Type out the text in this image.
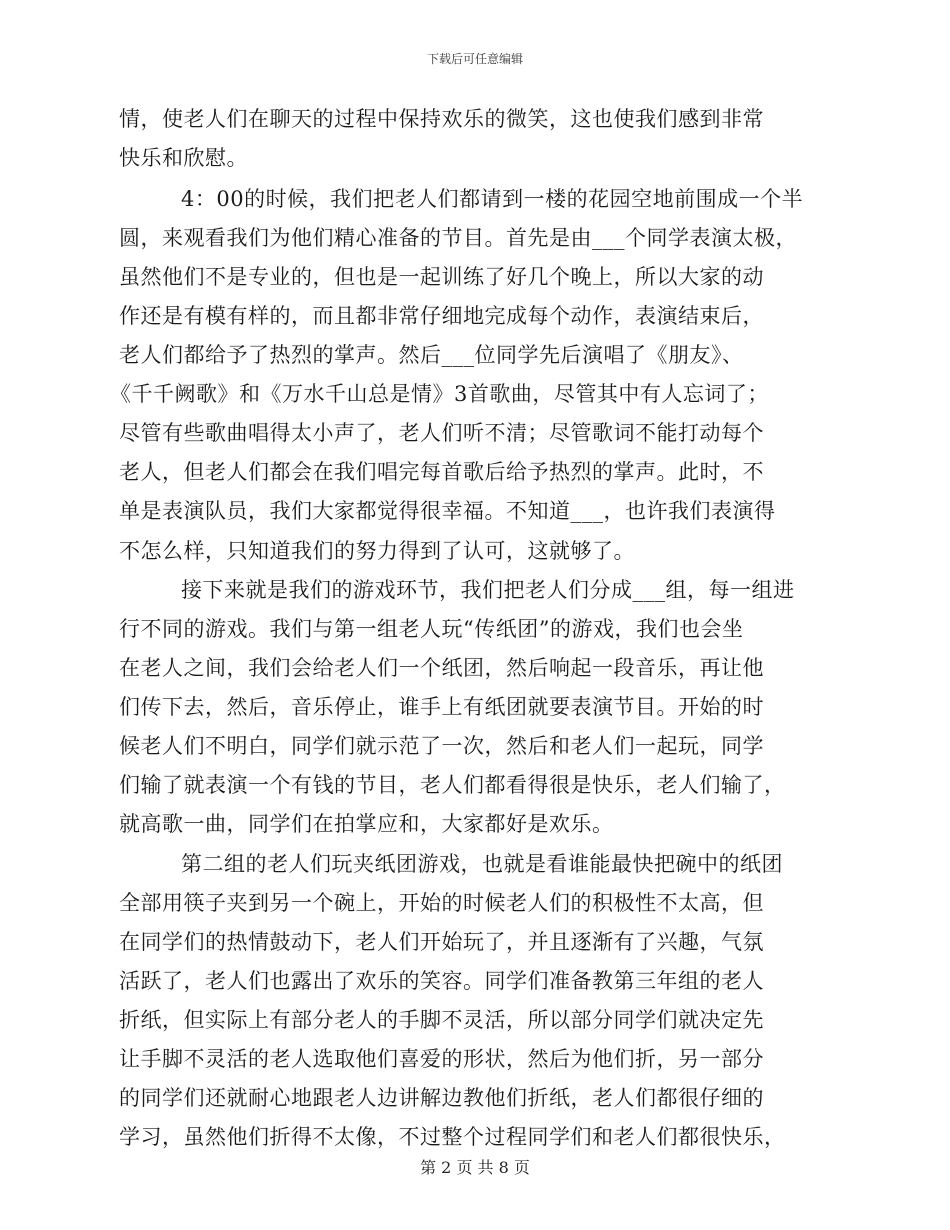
下载后可任意编辑
情，使老人们在聊天的过程中保持欢乐的微笑，这也使我们感到非常
快乐和欣慰。
4：00的时候，我们把老人们都请到一楼的花园空地前围成一个半
圆，来观看我们为他们精心准备的节目。首先是由___个同学表演太极，
虽然他们不是专业的，但也是一起训练了好几个晚上，所以大家的动
作还是有模有样的，而且都非常仔细地完成每个动作，表演结束后，
老人们都给予了热烈的掌声。然后___位同学先后演唱了《朋友》、
《千千阙歌》和《万水千山总是情》3首歌曲，尽管其中有人忘词了；
尽管有些歌曲唱得太小声了，老人们听不清；尽管歌词不能打动每个
老人，但老人们都会在我们唱完每首歌后给予热烈的掌声。此时，不
单是表演队员，我们大家都觉得很幸福。不知道___，也许我们表演得
不怎么样，只知道我们的努力得到了认可，这就够了。
接下来就是我们的游戏环节，我们把老人们分成___组，每一组进
行不同的游戏。我们与第一组老人玩“传纸团”的游戏，我们也会坐
在老人之间，我们会给老人们一个纸团，然后响起一段音乐，再让他
们传下去，然后，音乐停止，谁手上有纸团就要表演节目。开始的时
候老人们不明白，同学们就示范了一次，然后和老人们一起玩，同学
们输了就表演一个有钱的节目，老人们都看得很是快乐，老人们输了，
就高歌一曲，同学们在拍掌应和，大家都好是欢乐。
第二组的老人们玩夹纸团游戏，也就是看谁能最快把碗中的纸团
全部用筷子夹到另一个碗上，开始的时候老人们的积极性不太高，但
在同学们的热情鼓动下，老人们开始玩了，并且逐渐有了兴趣，气氛
活跃了，老人们也露出了欢乐的笑容。同学们准备教第三年组的老人
折纸，但实际上有部分老人的手脚不灵活，所以部分同学们就决定先
让手脚不灵活的老人选取他们喜爱的形状，然后为他们折，另一部分
的同学们还就耐心地跟老人边讲解边教他们折纸，老人们都很仔细的
学习，虽然他们折得不太像，不过整个过程同学们和老人们都很快乐，
第 2 页 共 8 页
